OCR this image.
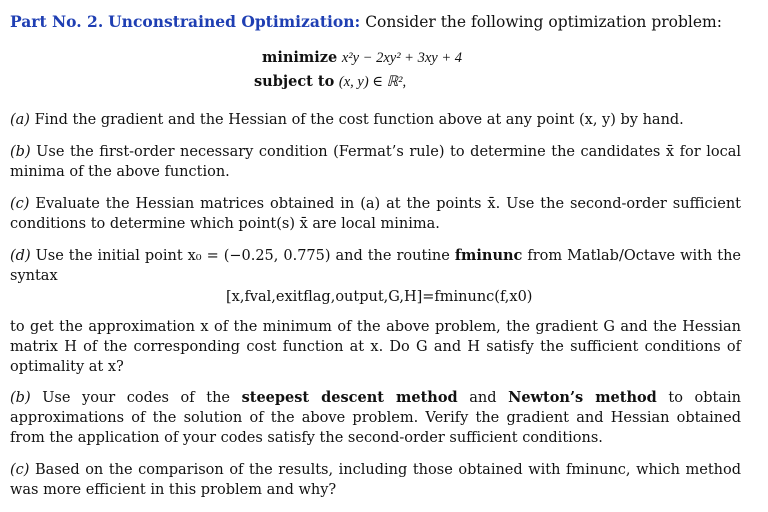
Part No. 2. Unconstrained Optimization: Consider the following optimization problem:
minimize x²y − 2xy² + 3xy + 4
subject to (x, y) ∈ ℝ²,
(a) Find the gradient and the Hessian of the cost function above at any point (x, y) by hand.
(b) Use the first-order necessary condition (Fermat’s rule) to determine the candidates x̄ for local minima of the above function.
(c) Evaluate the Hessian matrices obtained in (a) at the points x̄. Use the second-order sufficient conditions to determine which point(s) x̄ are local minima.
(d) Use the initial point x₀ = (−0.25, 0.775) and the routine fminunc from Matlab/Octave with the syntax
[x,fval,exitflag,output,G,H]=fminunc(f,x0)
to get the approximation x of the minimum of the above problem, the gradient G and the Hessian matrix H of the corresponding cost function at x. Do G and H satisfy the sufficient conditions of optimality at x?
(b) Use your codes of the steepest descent method and Newton’s method to obtain approximations of the solution of the above problem. Verify the gradient and Hessian obtained from the application of your codes satisfy the second-order sufficient conditions.
(c) Based on the comparison of the results, including those obtained with fminunc, which method was more efficient in this problem and why?
